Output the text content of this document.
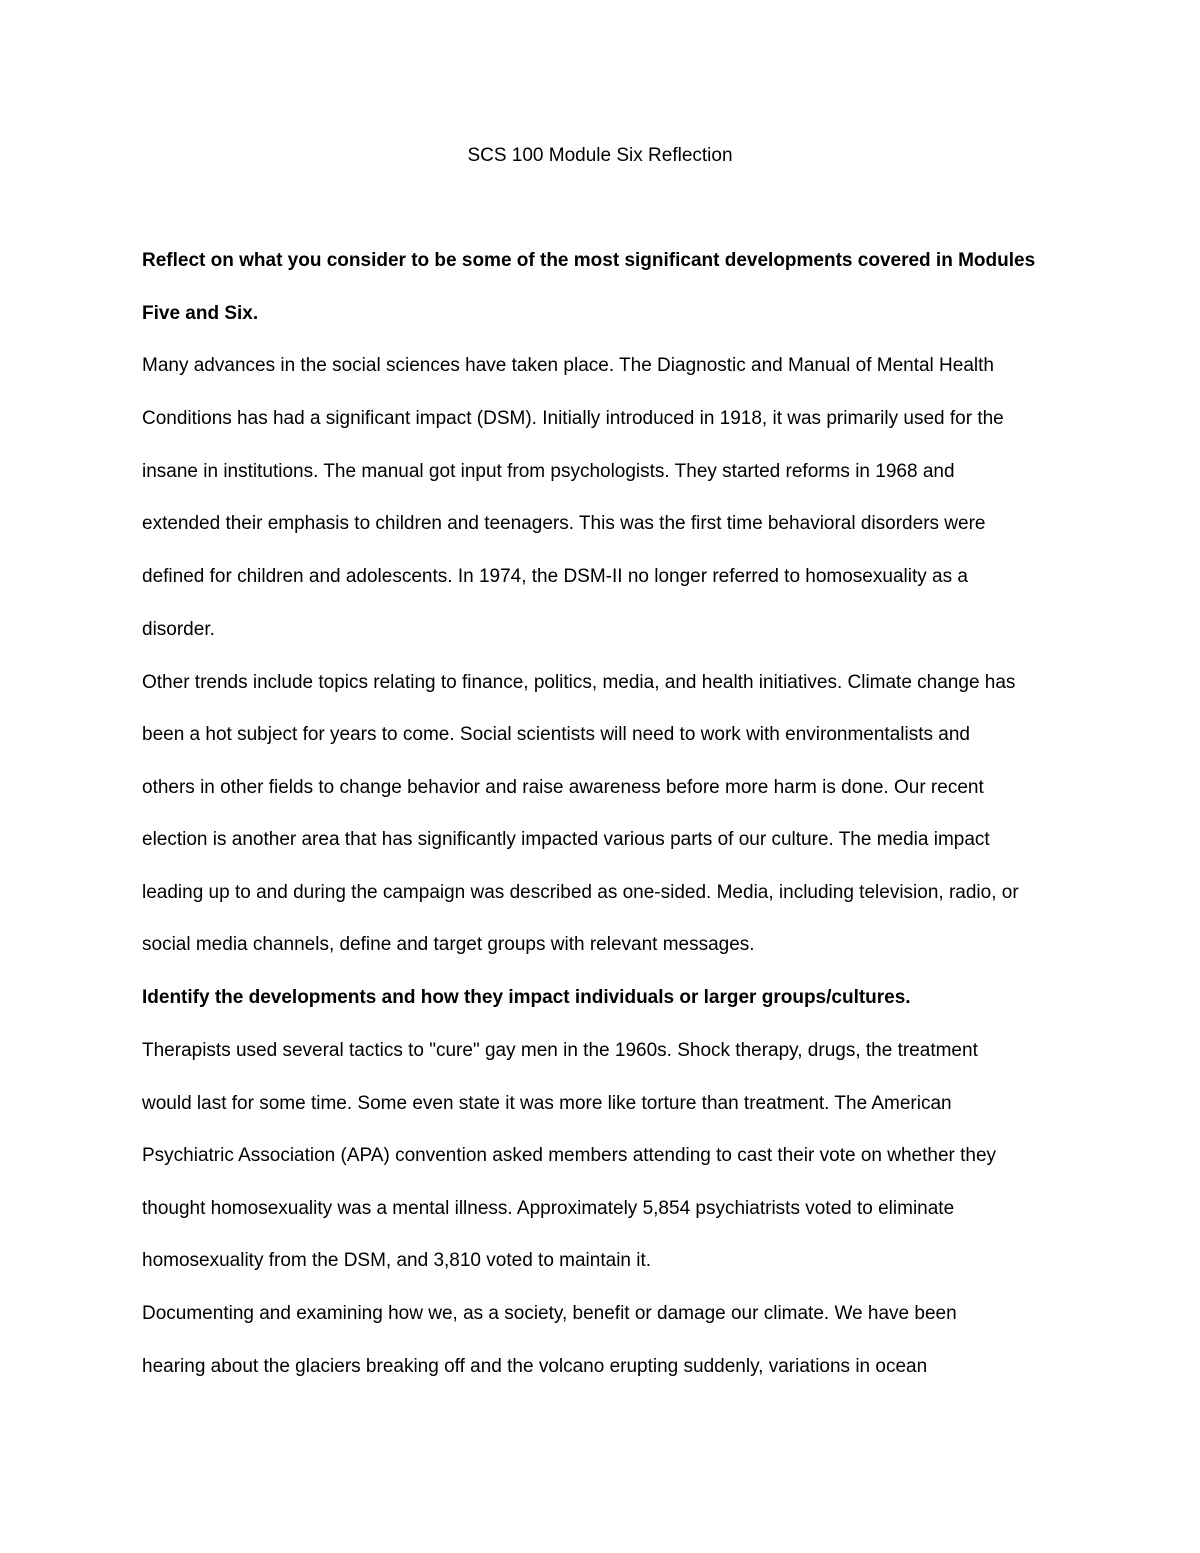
SCS 100 Module Six Reflection
Reflect on what you consider to be some of the most significant developments covered in Modules
Five and Six.
Many advances in the social sciences have taken place. The Diagnostic and Manual of Mental Health
Conditions has had a significant impact (DSM). Initially introduced in 1918, it was primarily used for the
insane in institutions. The manual got input from psychologists. They started reforms in 1968 and
extended their emphasis to children and teenagers. This was the first time behavioral disorders were
defined for children and adolescents. In 1974, the DSM-II no longer referred to homosexuality as a
disorder.
Other trends include topics relating to finance, politics, media, and health initiatives. Climate change has
been a hot subject for years to come. Social scientists will need to work with environmentalists and
others in other fields to change behavior and raise awareness before more harm is done. Our recent
election is another area that has significantly impacted various parts of our culture. The media impact
leading up to and during the campaign was described as one-sided. Media, including television, radio, or
social media channels, define and target groups with relevant messages.
Identify the developments and how they impact individuals or larger groups/cultures.
Therapists used several tactics to "cure" gay men in the 1960s. Shock therapy, drugs, the treatment
would last for some time. Some even state it was more like torture than treatment. The American
Psychiatric Association (APA) convention asked members attending to cast their vote on whether they
thought homosexuality was a mental illness. Approximately 5,854 psychiatrists voted to eliminate
homosexuality from the DSM, and 3,810 voted to maintain it.
Documenting and examining how we, as a society, benefit or damage our climate. We have been
hearing about the glaciers breaking off and the volcano erupting suddenly, variations in ocean
